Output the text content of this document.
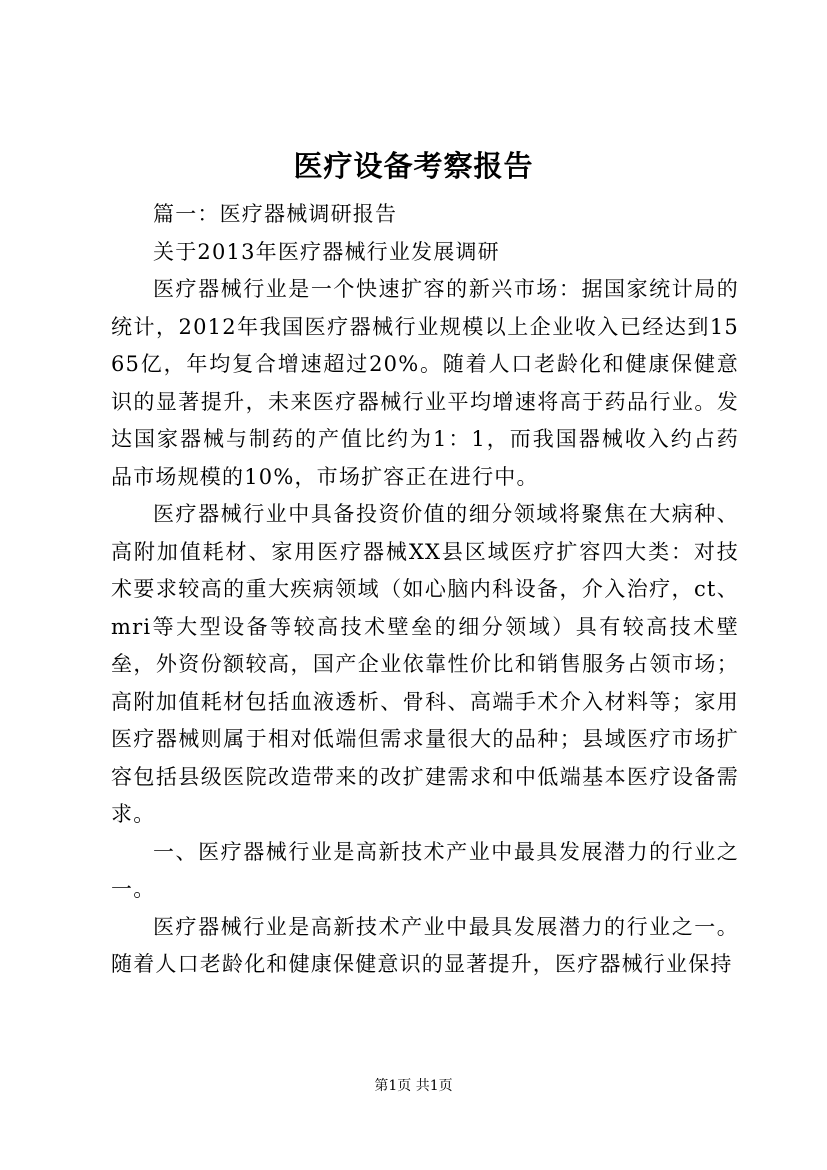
医疗设备考察报告

篇一：医疗器械调研报告

关于2013年医疗器械行业发展调研

医疗器械行业是一个快速扩容的新兴市场：据国家统计局的统计，2012年我国医疗器械行业规模以上企业收入已经达到1565亿，年均复合增速超过20%。随着人口老龄化和健康保健意识的显著提升，未来医疗器械行业平均增速将高于药品行业。发达国家器械与制药的产值比约为1：1，而我国器械收入约占药品市场规模的10%，市场扩容正在进行中。

医疗器械行业中具备投资价值的细分领域将聚焦在大病种、高附加值耗材、家用医疗器械XX县区域医疗扩容四大类：对技术要求较高的重大疾病领域（如心脑内科设备，介入治疗，ct、mri等大型设备等较高技术壁垒的细分领域）具有较高技术壁垒，外资份额较高，国产企业依靠性价比和销售服务占领市场；高附加值耗材包括血液透析、骨科、高端手术介入材料等；家用医疗器械则属于相对低端但需求量很大的品种；县域医疗市场扩容包括县级医院改造带来的改扩建需求和中低端基本医疗设备需求。

一、医疗器械行业是高新技术产业中最具发展潜力的行业之一。

医疗器械行业是高新技术产业中最具发展潜力的行业之一。随着人口老龄化和健康保健意识的显著提升，医疗器械行业保持

第1页 共1页
